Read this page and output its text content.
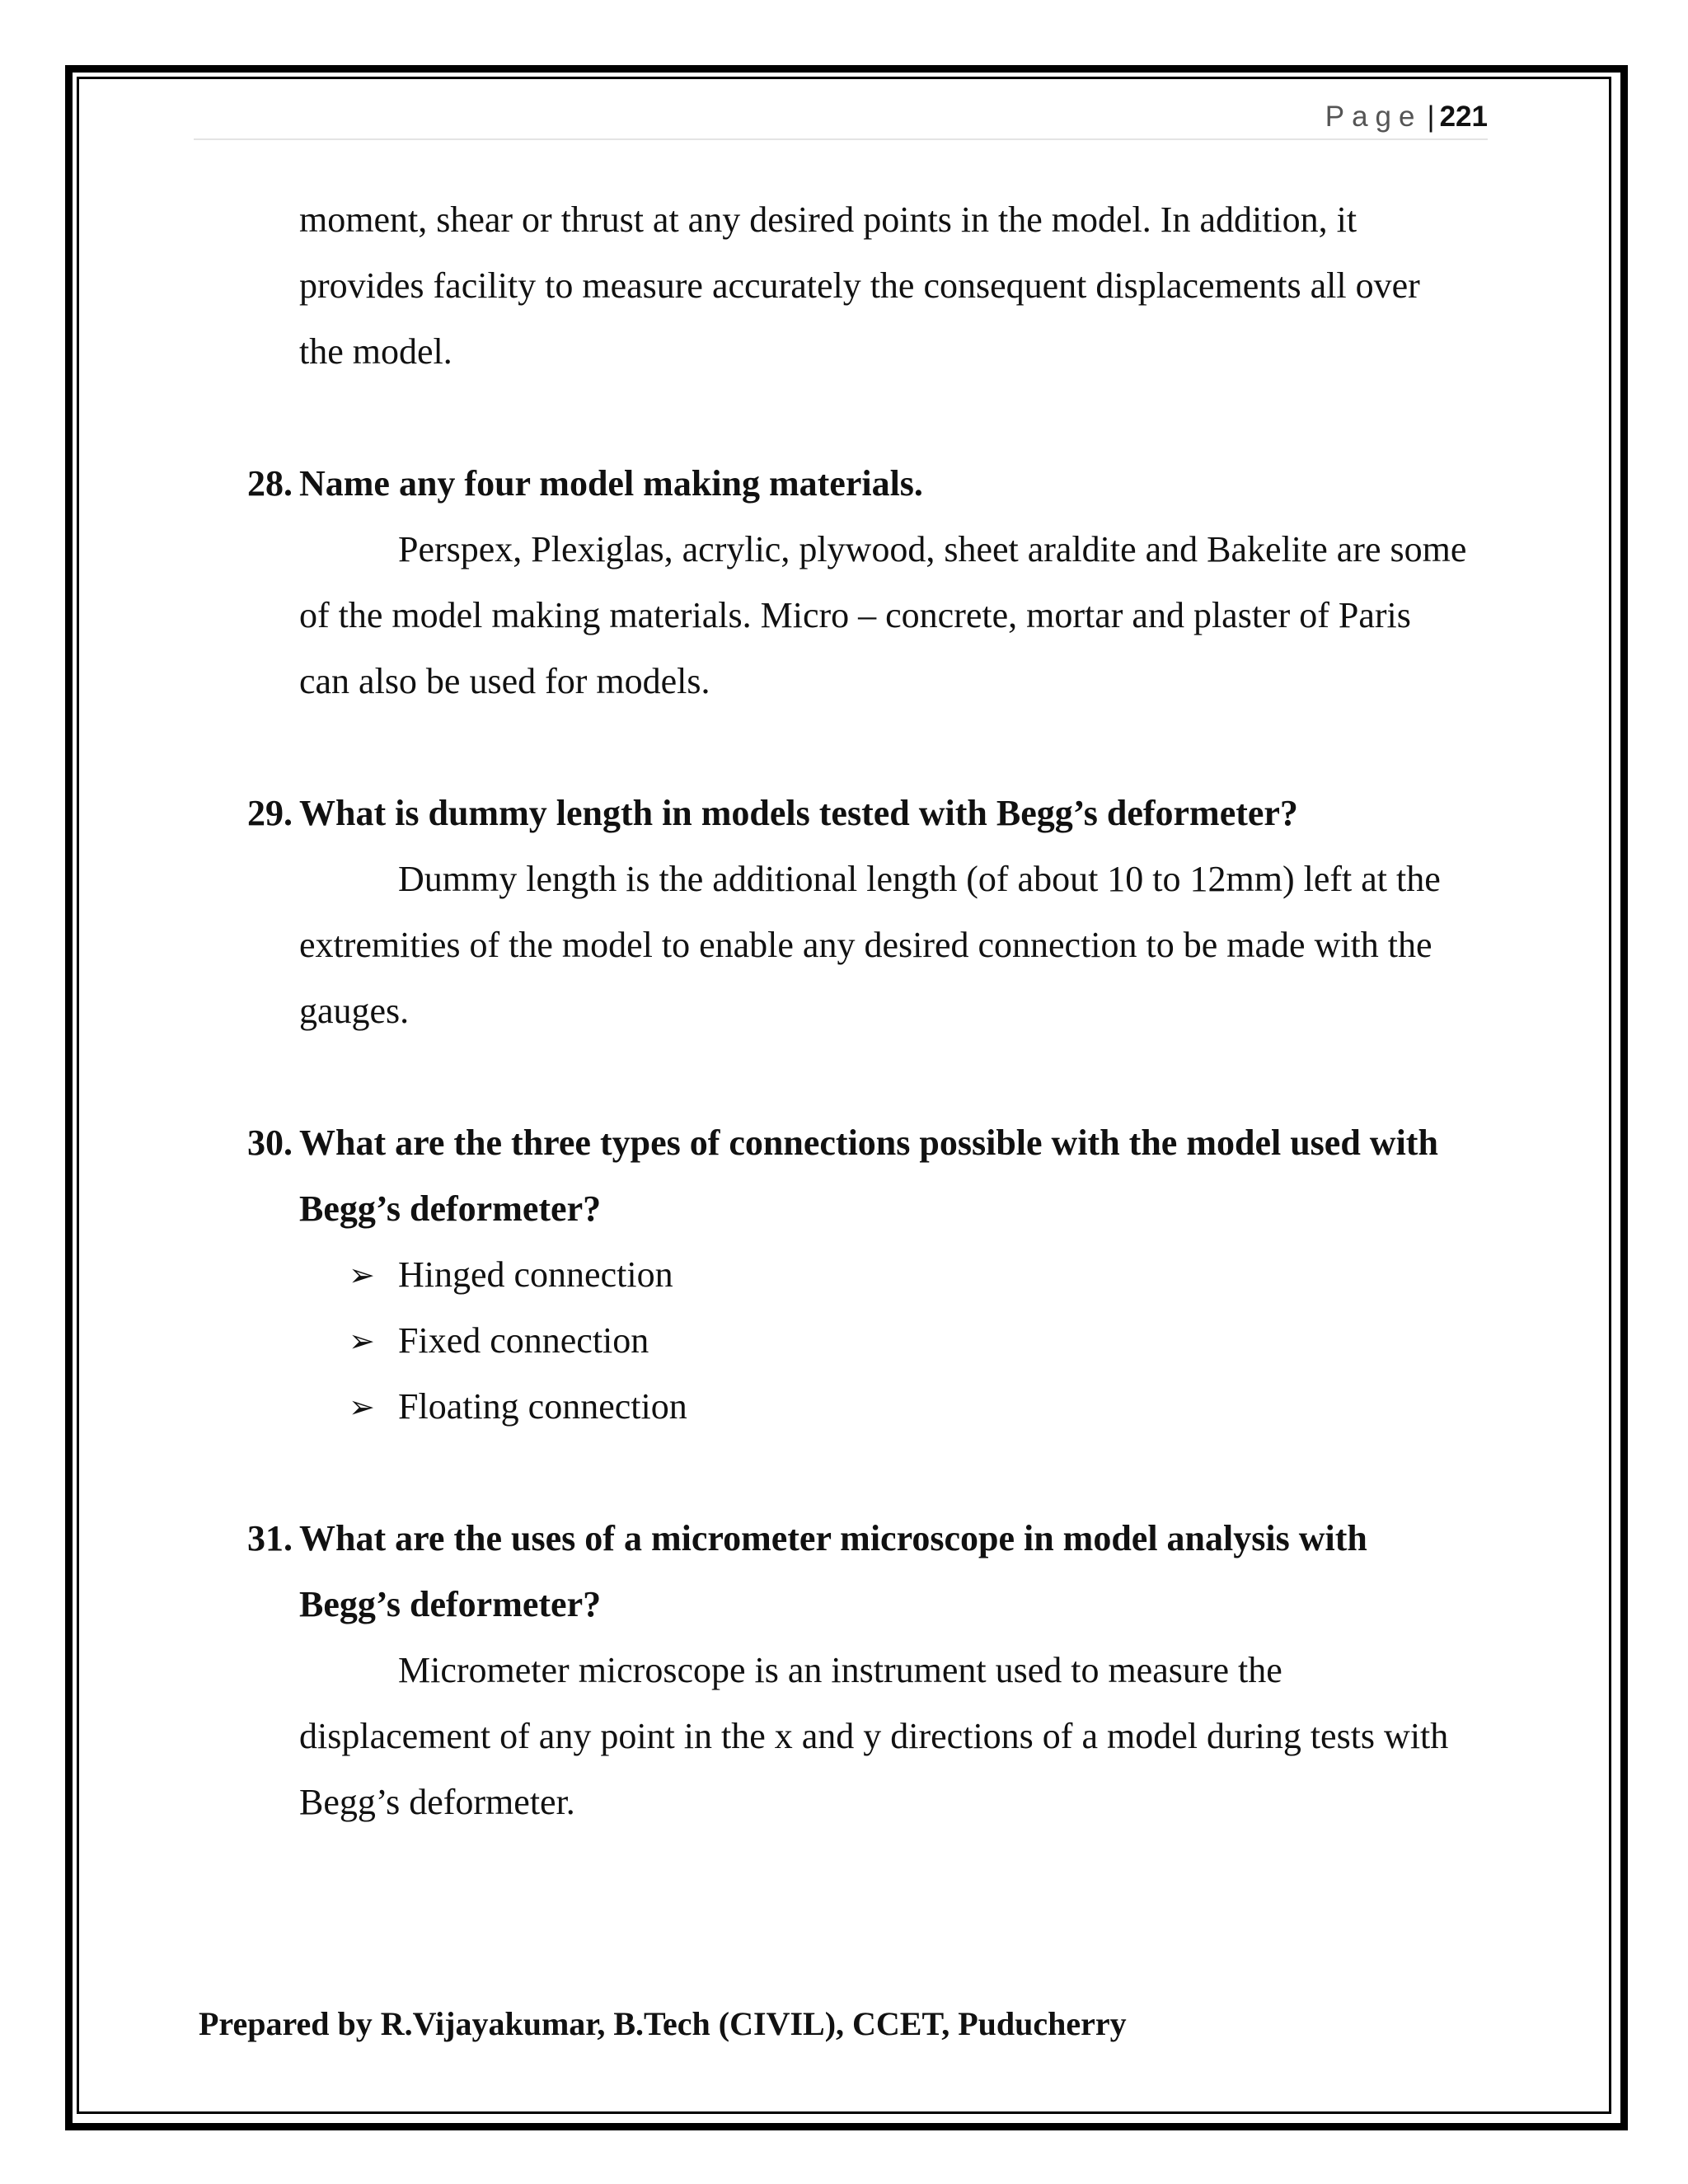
Page | 221

moment, shear or thrust at any desired points in the model. In addition, it provides facility to measure accurately the consequent displacements all over the model.

28. Name any four model making materials.

Perspex, Plexiglas, acrylic, plywood, sheet araldite and Bakelite are some of the model making materials. Micro – concrete, mortar and plaster of Paris can also be used for models.

29. What is dummy length in models tested with Begg’s deformeter?

Dummy length is the additional length (of about 10 to 12mm) left at the extremities of the model to enable any desired connection to be made with the gauges.

30. What are the three types of connections possible with the model used with Begg’s deformeter?
➢ Hinged connection
➢ Fixed connection
➢ Floating connection
31. What are the uses of a micrometer microscope in model analysis with Begg’s deformeter?

Micrometer microscope is an instrument used to measure the displacement of any point in the x and y directions of a model during tests with Begg’s deformeter.

Prepared by R.Vijayakumar, B.Tech (CIVIL), CCET, Puducherry
